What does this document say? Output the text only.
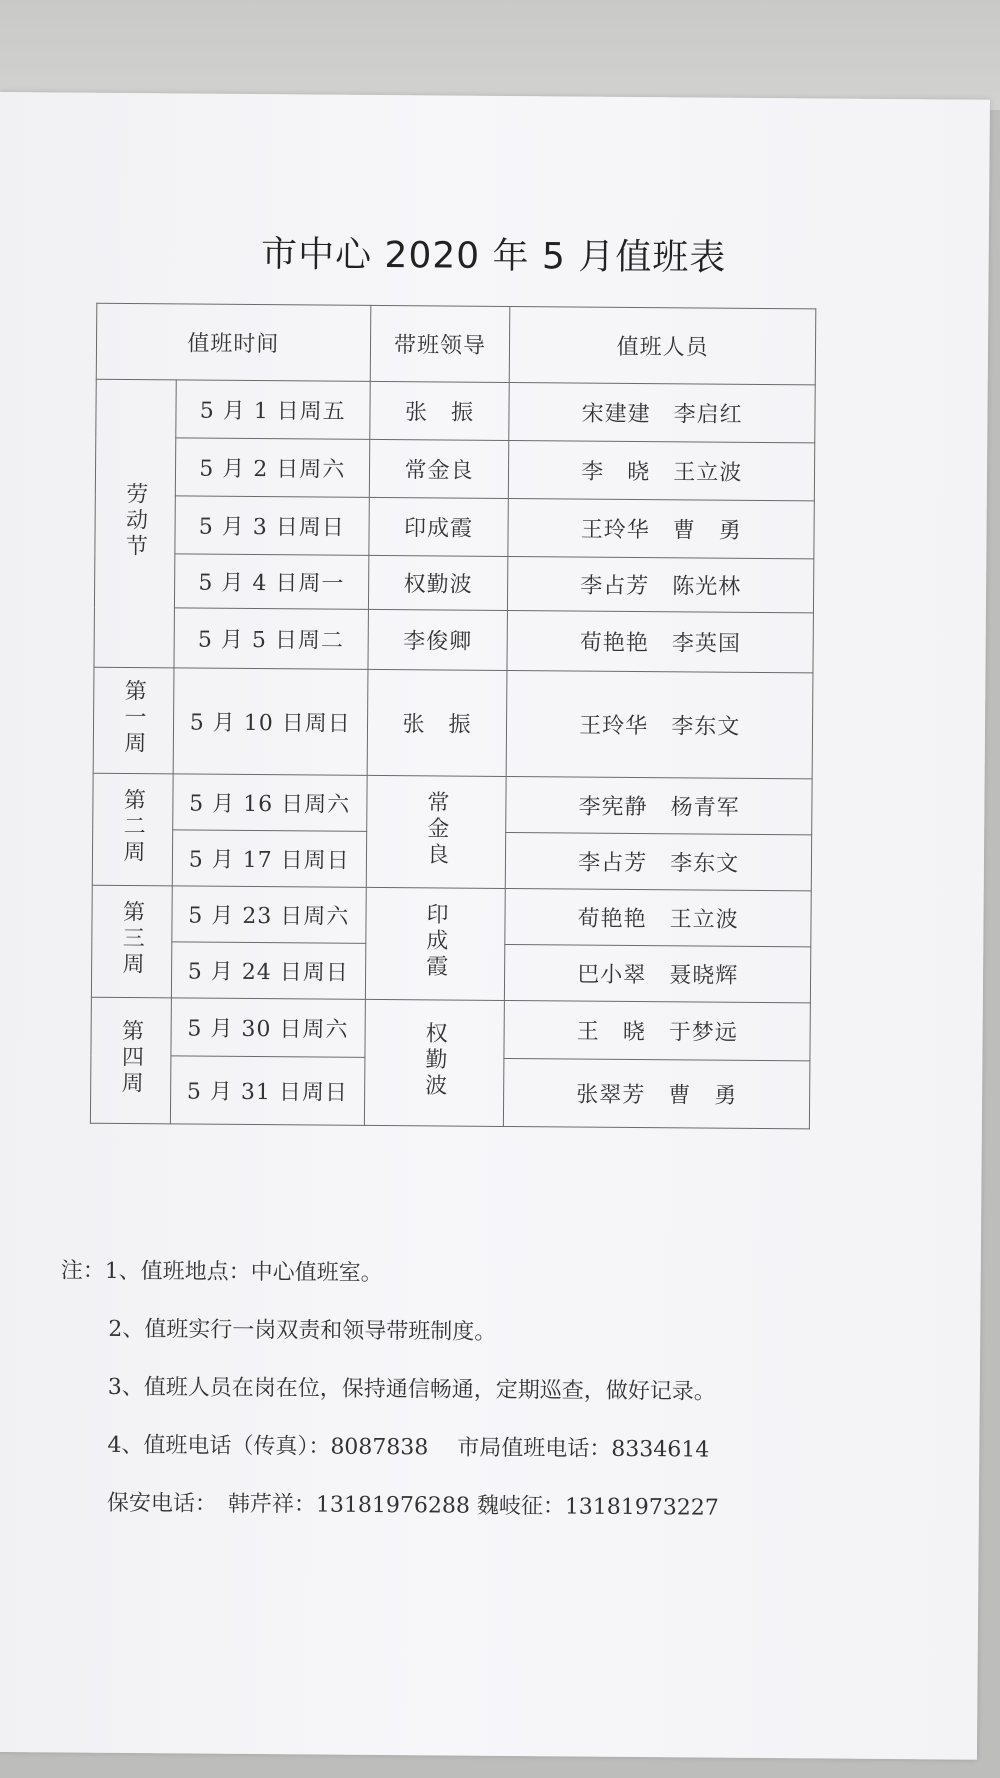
市中心 2020 年 5 月值班表
值班时间		带班领导	值班人员
劳动节	5 月 1 日周五	张　振	宋建建　 李启红
	5 月 2 日周六	常金良	李　晓　 王立波
	5 月 3 日周日	印成霞	王玲华　 曹　勇
	5 月 4 日周一	权勤波	李占芳　 陈光林
	5 月 5 日周二	李俊卿	荀艳艳　 李英国
第一周	5 月 10 日周日	张　振	王玲华　 李东文
第二周	5 月 16 日周六	常金良	李宪静　 杨青军
	5 月 17 日周日		李占芳　 李东文
第三周	5 月 23 日周六	印成霞	荀艳艳　 王立波
	5 月 24 日周日		巴小翠　 聂晓辉
第四周	5 月 30 日周六	权勤波	王　晓　 于梦远
	5 月 31 日周日		张翠芳　 曹　勇
注：1、值班地点：中心值班室。
2、值班实行一岗双责和领导带班制度。
3、值班人员在岗在位，保持通信畅通，定期巡查，做好记录。
4、值班电话（传真）：8087838　 市局值班电话：8334614
保安电话：　韩芹祥：13181976288 魏岐征：13181973227
